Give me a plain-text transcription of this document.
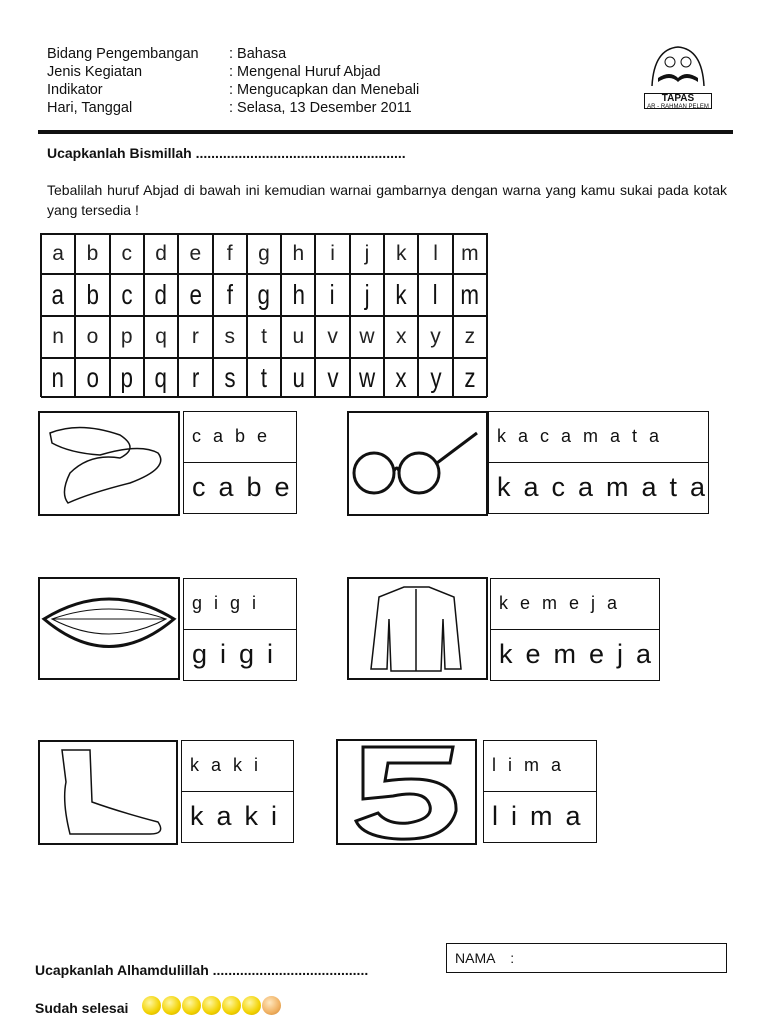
Bidang Pengembangan	: Bahasa
Jenis Kegiatan	: Mengenal Huruf Abjad
Indikator	: Mengucapkan dan Menebali
Hari, Tanggal	: Selasa, 13 Desember 2011
TAPAS
AR - RAHMAN PELEM
Ucapkanlah Bismillah ......................................................
Tebalilah huruf Abjad di bawah ini kemudian warnai gambarnya dengan warna yang kamu sukai pada kotak yang tersedia !
a b c d e f g h i j k l m
a b c d e f g h i j k l m
n o p q r s t u v w x y z
n o p q r s t u v w x y z
cabe
cabe
kacamata
kacamata
gigi
gigi
kemeja
kemeja
kaki
kaki
lima
lima
Ucapkanlah Alhamdulillah ........................................
NAMA    :
Sudah selesai
